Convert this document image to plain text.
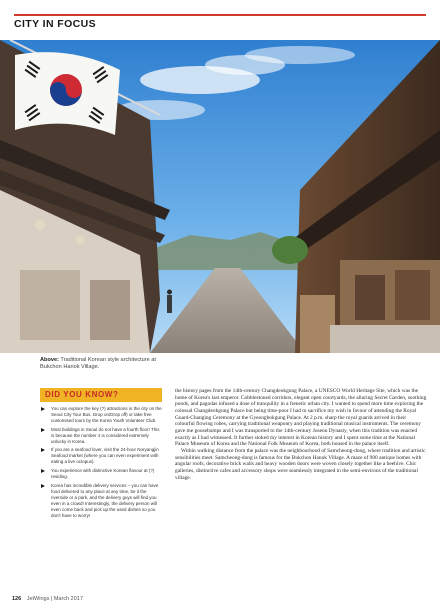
CITY IN FOCUS
Above: Traditional Korean style architecture at Bukchon Hanok Village.
DID YOU KNOW?
You can explore the key (?) attractions in the city on the Seoul City Tour Bus. Drop on/Drop off) or take free customised tours by the Korea Youth Volunteer Club.
Most buildings in Seoul do not have a fourth floor! This is because the number 4 is considered extremely unlucky in Korea.
If you are a seafood lover, visit the 24-hour Noryangjin Seafood market (where you can even experiment with eating a live octopus).
You experience with distinctive Korean flavour at (?) residing.
Korea has incredible delivery services – you can have food delivered to any place at any time, be it the riverside or a park, and the delivery guys will find you even in a crowd! Interestingly, the delivery person will even come back and pick up the used dishes so you don't have to worry!

the history pages from the 14th-century Changdeokgung Palace, a UNESCO World Heritage Site, which was the home of Korea's last emperor. Cobblestoned corridors, elegant open courtyards, the alluring Secret Garden, soothing ponds, and pagodas infused a dose of tranquility in a frenetic urban city. I wanted to spend more time exploring the colossal Changdeokgung Palace but being time-poor I had to sacrifice my wish in favour of attending the Royal Guard-Changing Ceremony at the Gyeongbokgung Palace. At 2 p.m. sharp the royal guards arrived in their colourful flowing robes, carrying traditional weaponry and playing traditional musical instruments. The ceremony gave me goosebumps and I was transported to the 14th-century Joseon Dynasty, when this tradition was enacted exactly as I had witnessed. It further stoked my interest in Korean history and I spent some time at the National Palace Museum of Korea and the National Folk Museum of Korea, both housed in the palace itself.

Within walking distance from the palace was the neighbourhood of Samcheong-dong, where tradition and artistic sensibilities meet. Samcheong-dong is famous for the Bukchon Hanok Village. A maze of 900 antique homes with angular roofs, decorative brick walls and heavy wooden doors were woven closely together like a beehive. Chic galleries, distinctive cafes and accessory shops were seamlessly integrated in the semi-environs of the traditional village.

126 JetWings | March 2017
